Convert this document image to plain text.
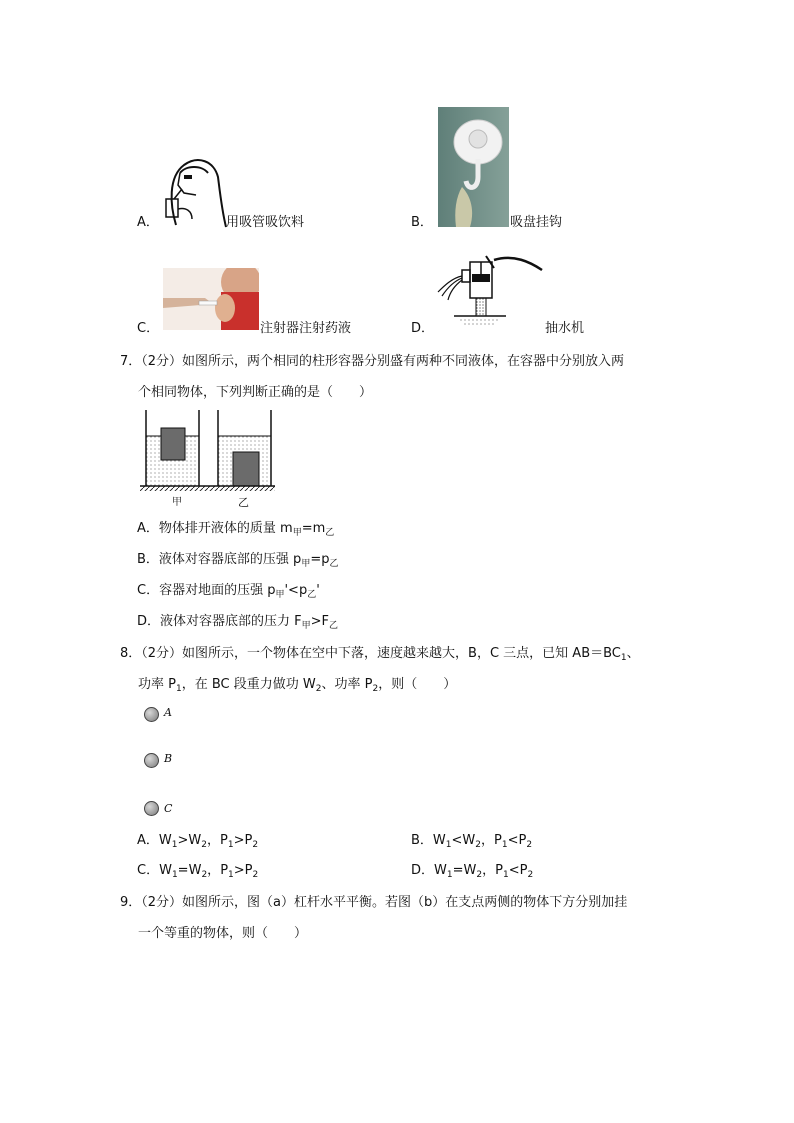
A．	用吸管吸饮料	B．	吸盘挂钩
C．	注射器注射药液	D．	抽水机
7．（2分）如图所示，两个相同的柱形容器分别盛有两种不同液体，在容器中分别放入两
个相同物体，下列判断正确的是（　　）
甲	乙
A．物体排开液体的质量 $m_甲=m_乙$
B．液体对容器底部的压强 $p_甲=p_乙$
C．容器对地面的压强 $p_甲'<p_乙'$
D．液体对容器底部的压力 $F_甲>F_乙$
8．（2分）如图所示，一个物体在空中下落，速度越来越大，B，C 三点，已知 $AB=BC_1$、
功率 $P_1$，在 BC 段重力做功 $W_2$、功率 $P_2$，则（　　）
A
B
C
A．$W_1>W_2$，$P_1>P_2$	B．$W_1<W_2$，$P_1<P_2$
C．$W_1=W_2$，$P_1>P_2$	D．$W_1=W_2$，$P_1<P_2$
9．（2分）如图所示，图（a）杠杆水平平衡。若图（b）在支点两侧的物体下方分别加挂
一个等重的物体，则（　　）
